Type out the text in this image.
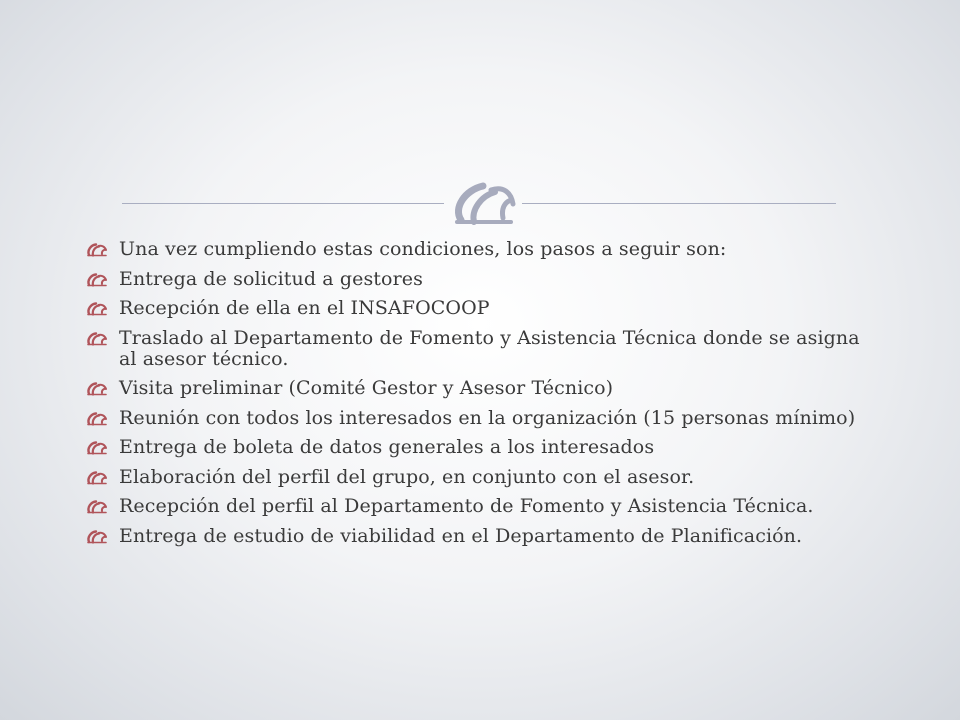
Una vez cumpliendo estas condiciones, los pasos a seguir son:
Entrega de solicitud a gestores
Recepción de ella en el INSAFOCOOP
Traslado al Departamento de Fomento y Asistencia Técnica donde se asigna al asesor técnico.
Visita preliminar (Comité Gestor y Asesor Técnico)
Reunión con todos los interesados en la organización (15 personas mínimo)
Entrega de boleta de datos generales a los interesados
Elaboración del perfil del grupo, en conjunto con el asesor.
Recepción del perfil al Departamento de Fomento y Asistencia Técnica.
Entrega de estudio de viabilidad en el Departamento de Planificación.
